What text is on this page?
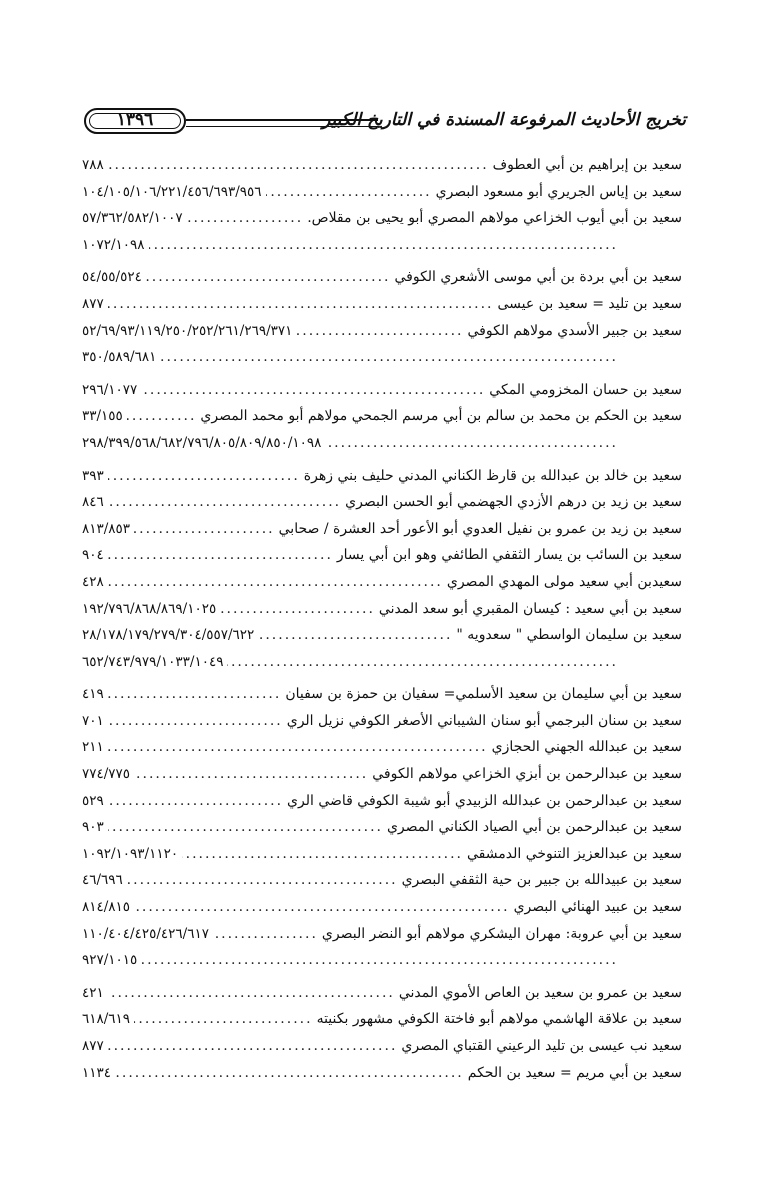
تخريج الأحاديث المرفوعة المسندة في التاريخ الكبير
١٣٩٦
سعيد بن إبراهيم بن أبي العطوف
.....
٧٨٨
سعيد بن إياس الجريري أبو مسعود البصري
.....
١٠٤/١٠٥/١٠٦/٢٢١/٤٥٦/٦٩٣/٩٥٦
سعيد بن أبي أيوب الخزاعي مولاهم المصري أبو يحيى بن مقلاص.
.....
٥٧/٣٦٢/٥٨٢/١٠٠٧
.....
١٠٧٢/١٠٩٨
سعيد بن أبي بردة بن أبي موسى الأشعري الكوفي
.....
٥٤/٥٥/٥٢٤
سعيد بن تليد = سعيد بن عيسى
.....
٨٧٧
سعيد بن جبير الأسدي مولاهم الكوفي
.....
٥٢/٦٩/٩٣/١١٩/٢٥٠/٢٥٢/٢٦١/٢٦٩/٣٧١
.....
٣٥٠/٥٨٩/٦٨١
سعيد بن حسان المخزومي المكي
.....
٢٩٦/١٠٧٧
سعيد بن الحكم بن محمد بن سالم بن أبي مرسم الجمحي مولاهم أبو محمد المصري
.....
٣٣/١٥٥
.....
٢٩٨/٣٩٩/٥٦٨/٦٨٢/٧٩٦/٨٠٥/٨٠٩/٨٥٠/١٠٩٨
سعيد بن خالد بن عبدالله بن قارظ الكناني المدني حليف بني زهرة
.....
٣٩٣
سعيد بن زيد بن درهم الأزدي الجهضمي أبو الحسن البصري
.....
٨٤٦
سعيد بن زيد بن عمرو بن نفيل العدوي أبو الأعور أحد العشرة / صحابي
.....
٨١٣/٨٥٣
سعيد بن السائب بن يسار الثقفي الطائفي وهو ابن أبي يسار
.....
٩٠٤
سعيدبن أبي سعيد مولى المهدي المصري
.....
٤٢٨
سعيد بن أبي سعيد : كيسان المقبري أبو سعد المدني
.....
١٩٢/٧٩٦/٨٦٨/٨٦٩/١٠٢٥
سعيد بن سليمان الواسطي " سعدويه "
.....
٢٨/١٧٨/١٧٩/٢٧٩/٣٠٤/٥٥٧/٦٢٢
.....
٦٥٢/٧٤٣/٩٧٩/١٠٣٣/١٠٤٩
سعيد بن أبي سليمان بن سعيد الأسلمي= سفيان بن حمزة بن سفيان
.....
٤١٩
سعيد بن سنان البرجمي أبو سنان الشيباني الأصغر الكوفي نزيل الري
.....
٧٠١
سعيد بن عبدالله الجهني الحجازي
.....
٢١١
سعيد بن عبدالرحمن بن أبزي الخزاعي مولاهم الكوفي
.....
٧٧٤/٧٧٥
سعيد بن عبدالرحمن بن عبدالله الزبيدي أبو شيبة الكوفي قاضي الري
.....
٥٢٩
سعيد بن عبدالرحمن بن أبي الصياد الكناني المصري
.....
٩٠٣
سعيد بن عبدالعزيز التنوخي الدمشقي
.....
١٠٩٢/١٠٩٣/١١٢٠
سعيد بن عبيدالله بن جبير بن حية الثقفي البصري
.....
٤٦/٦٩٦
سعيد بن عبيد الهنائي البصري
.....
٨١٤/٨١٥
سعيد بن أبي عروبة: مهران اليشكري مولاهم أبو النضر البصري
.....
١١٠/٤٠٤/٤٢٥/٤٢٦/٦١٧
.....
٩٢٧/١٠١٥
سعيد بن عمرو بن سعيد بن العاص الأموي المدني
.....
٤٢١
سعيد بن علاقة الهاشمي مولاهم أبو فاختة الكوفي مشهور بكنيته
.....
٦١٨/٦١٩
سعيد نب عيسى بن تليد الرعيني القتباي المصري
.....
٨٧٧
سعيد بن أبي مريم = سعيد بن الحكم
.....
١١٣٤
